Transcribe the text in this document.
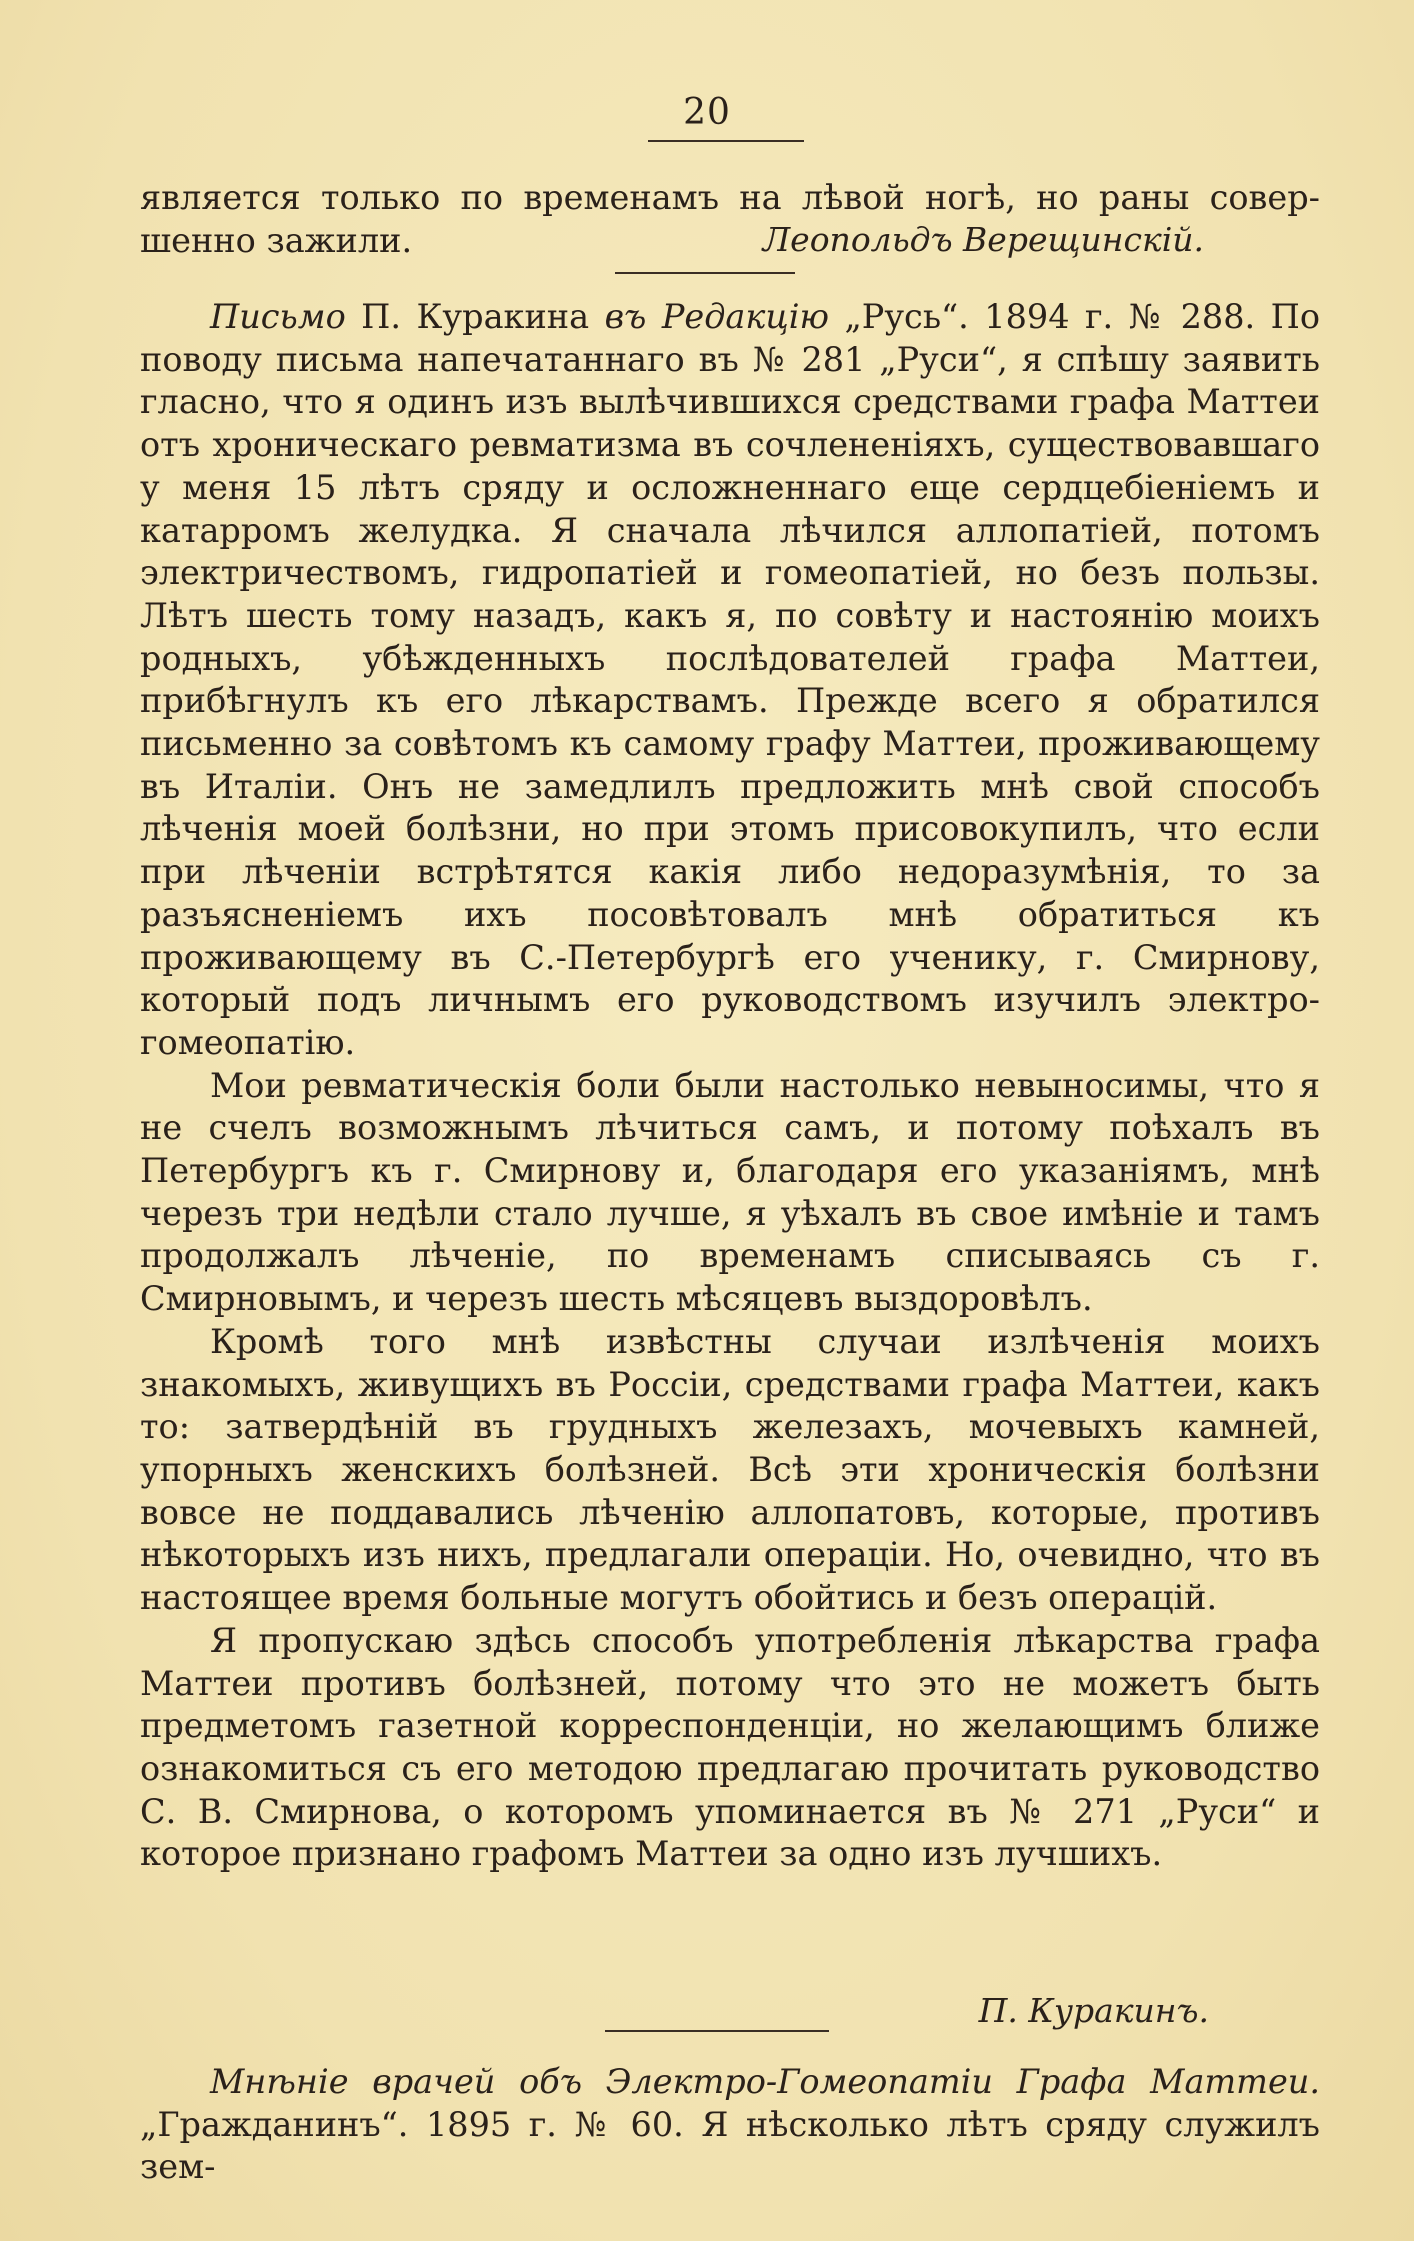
20

является только по временамъ на лѣвой ногѣ, но раны совер-шенно зажили.	Леопольдъ Верещинскій.

Письмо П. Куракина въ Редакцію „Русь“. 1894 г. № 288. По поводу письма напечатаннаго въ № 281 „Руси“, я спѣшу заявить гласно, что я одинъ изъ вылѣчившихся средствами графа Маттеи отъ хроническаго ревматизма въ сочлененіяхъ, существовавшаго у меня 15 лѣтъ сряду и осложненнаго еще сердцебіеніемъ и катарромъ желудка. Я сначала лѣчился аллопатіей, потомъ электричествомъ, гидропатіей и гомеопатіей, но безъ пользы. Лѣтъ шесть тому назадъ, какъ я, по совѣту и настоянію моихъ родныхъ, убѣжденныхъ послѣдователей графа Маттеи, прибѣгнулъ къ его лѣкарствамъ. Прежде всего я обратился письменно за совѣтомъ къ самому графу Маттеи, проживающему въ Италіи. Онъ не замедлилъ предложить мнѣ свой способъ лѣченія моей болѣзни, но при этомъ присовокупилъ, что если при лѣченіи встрѣтятся какія либо недоразумѣнія, то за разъясненіемъ ихъ посовѣтовалъ мнѣ обратиться къ проживающему въ С.-Петербургѣ его ученику, г. Смирнову, который подъ личнымъ его руководствомъ изучилъ электро-гомеопатію.

Мои ревматическія боли были настолько невыносимы, что я не счелъ возможнымъ лѣчиться самъ, и потому поѣхалъ въ Петербургъ къ г. Смирнову и, благодаря его указаніямъ, мнѣ черезъ три недѣли стало лучше, я уѣхалъ въ свое имѣніе и тамъ продолжалъ лѣченіе, по временамъ списываясь съ г. Смирновымъ, и черезъ шесть мѣсяцевъ выздоровѣлъ.

Кромѣ того мнѣ извѣстны случаи излѣченія моихъ знакомыхъ, живущихъ въ Россіи, средствами графа Маттеи, какъ то: затвердѣній въ грудныхъ железахъ, мочевыхъ камней, упорныхъ женскихъ болѣзней. Всѣ эти хроническія болѣзни вовсе не поддавались лѣченію аллопатовъ, которые, противъ нѣкоторыхъ изъ нихъ, предлагали операціи. Но, очевидно, что въ настоящее время больные могутъ обойтись и безъ операцій.

Я пропускаю здѣсь способъ употребленія лѣкарства графа Маттеи противъ болѣзней, потому что это не можетъ быть предметомъ газетной корреспонденціи, но желающимъ ближе ознакомиться съ его методою предлагаю прочитать руководство С. В. Смирнова, о которомъ упоминается въ № 271 „Руси“ и которое признано графомъ Маттеи за одно изъ лучшихъ.

П. Куракинъ.

Мнѣніе врачей объ Электро-Гомеопатіи Графа Маттеи. „Гражданинъ“. 1895 г. № 60. Я нѣсколько лѣтъ сряду служилъ зем-
